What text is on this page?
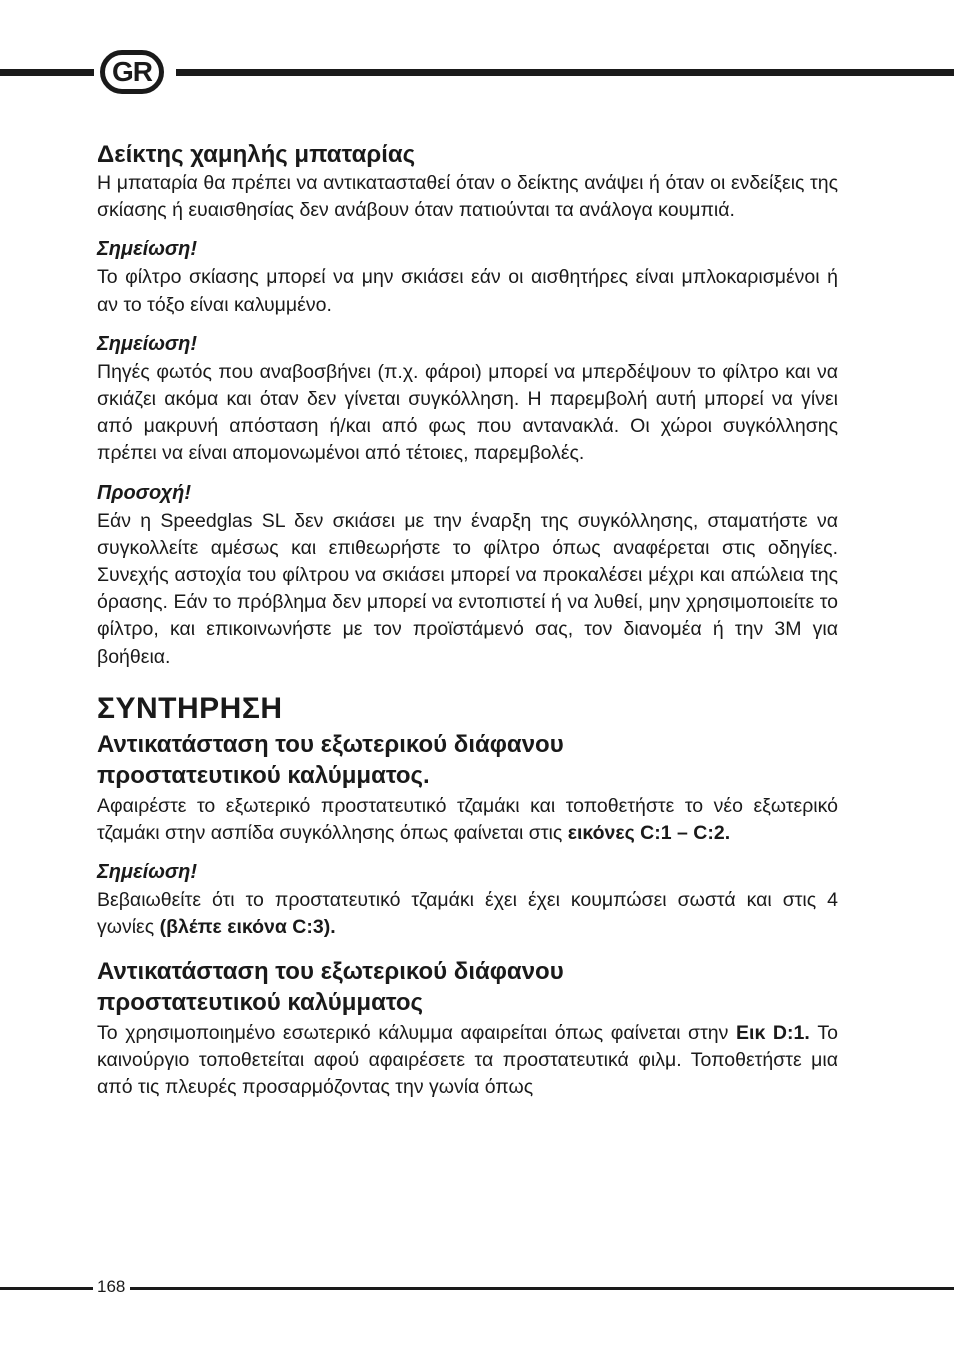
GR
Δείκτης χαμηλής μπαταρίας

Η μπαταρία θα πρέπει να αντικατασταθεί όταν ο δείκτης ανάψει ή όταν οι ενδείξεις της σκίασης ή ευαισθησίας δεν ανάβουν όταν πατιούνται τα ανάλογα κουμπιά.

Σημείωση!

Το φίλτρο σκίασης μπορεί να μην σκιάσει εάν οι αισθητήρες είναι μπλοκαρισμένοι ή αν το τόξο είναι καλυμμένο.

Σημείωση!

Πηγές φωτός που αναβοσβήνει (π.χ. φάροι) μπορεί να μπερδέψουν το φίλτρο και να σκιάζει ακόμα και όταν δεν γίνεται συγκόλληση. Η παρεμβολή αυτή μπορεί να γίνει από μακρυνή απόσταση ή/και από φως που αντανακλά. Οι χώροι συγκόλλησης πρέπει να είναι απομονωμένοι από τέτοιες, παρεμβολές.

Προσοχή!

Εάν η Speedglas SL δεν σκιάσει με την έναρξη της συγκόλλησης, σταματήστε να συγκολλείτε αμέσως και επιθεωρήστε το φίλτρο όπως αναφέρεται στις οδηγίες. Συνεχής αστοχία του φίλτρου να σκιάσει μπορεί να προκαλέσει μέχρι και απώλεια της όρασης. Εάν το πρόβλημα δεν μπορεί να εντοπιστεί ή να λυθεί, μην χρησιμοποιείτε το φίλτρο, και επικοινωνήστε με τον προϊστάμενό σας, τον διανομέα ή την 3M για βοήθεια.

ΣΥΝΤΗΡΗΣΗ
Αντικατάσταση του εξωτερικού διάφανου
προστατευτικού καλύμματος.

Αφαιρέστε το εξωτερικό προστατευτικό τζαμάκι και τοποθετήστε το νέο εξωτερικό τζαμάκι στην ασπίδα συγκόλλησης όπως φαίνεται στις εικόνες C:1 – C:2.

Σημείωση!

Βεβαιωθείτε ότι το προστατευτικό τζαμάκι έχει έχει κουμπώσει σωστά και στις 4 γωνίες (βλέπε εικόνα C:3).

Αντικατάσταση του εξωτερικού διάφανου
προστατευτικού καλύμματος

Το χρησιμοποιημένο εσωτερικό κάλυμμα αφαιρείται όπως φαίνεται στην Εικ D:1. Το καινούργιο τοποθετείται αφού αφαιρέσετε τα προστατευτικά φιλμ. Τοποθετήστε μια από τις πλευρές προσαρμόζοντας την γωνία όπως

168
